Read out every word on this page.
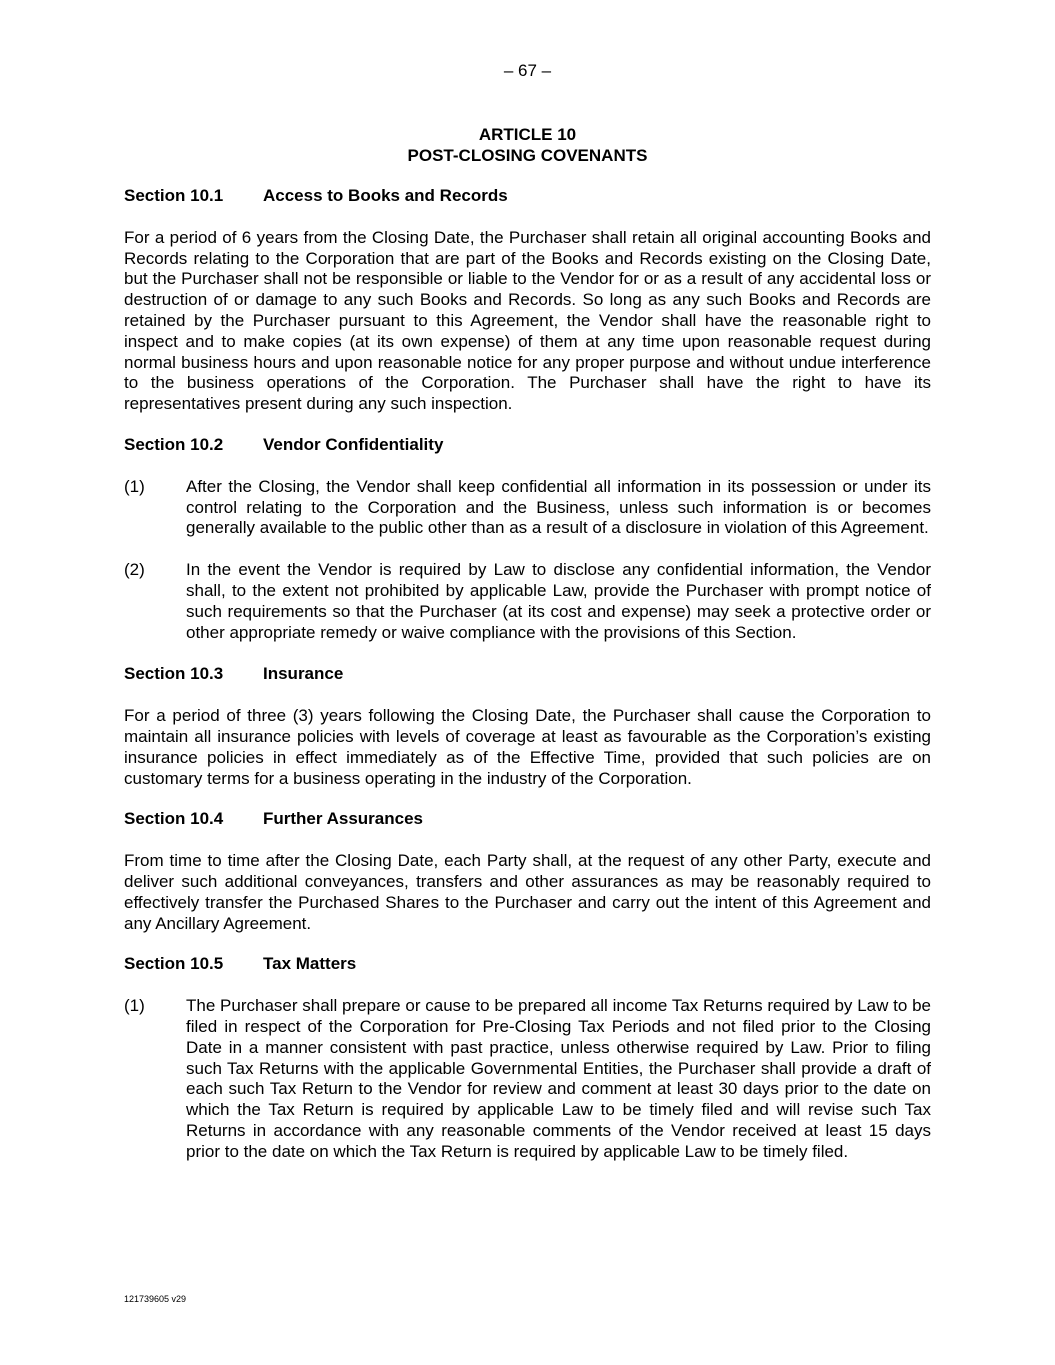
– 67 –
ARTICLE 10
POST-CLOSING COVENANTS
Section 10.1	Access to Books and Records
For a period of 6 years from the Closing Date, the Purchaser shall retain all original accounting Books and Records relating to the Corporation that are part of the Books and Records existing on the Closing Date, but the Purchaser shall not be responsible or liable to the Vendor for or as a result of any accidental loss or destruction of or damage to any such Books and Records. So long as any such Books and Records are retained by the Purchaser pursuant to this Agreement, the Vendor shall have the reasonable right to inspect and to make copies (at its own expense) of them at any time upon reasonable request during normal business hours and upon reasonable notice for any proper purpose and without undue interference to the business operations of the Corporation. The Purchaser shall have the right to have its representatives present during any such inspection.
Section 10.2	Vendor Confidentiality
(1)	After the Closing, the Vendor shall keep confidential all information in its possession or under its control relating to the Corporation and the Business, unless such information is or becomes generally available to the public other than as a result of a disclosure in violation of this Agreement.
(2)	In the event the Vendor is required by Law to disclose any confidential information, the Vendor shall, to the extent not prohibited by applicable Law, provide the Purchaser with prompt notice of such requirements so that the Purchaser (at its cost and expense) may seek a protective order or other appropriate remedy or waive compliance with the provisions of this Section.
Section 10.3	Insurance
For a period of three (3) years following the Closing Date, the Purchaser shall cause the Corporation to maintain all insurance policies with levels of coverage at least as favourable as the Corporation’s existing insurance policies in effect immediately as of the Effective Time, provided that such policies are on customary terms for a business operating in the industry of the Corporation.
Section 10.4	Further Assurances
From time to time after the Closing Date, each Party shall, at the request of any other Party, execute and deliver such additional conveyances, transfers and other assurances as may be reasonably required to effectively transfer the Purchased Shares to the Purchaser and carry out the intent of this Agreement and any Ancillary Agreement.
Section 10.5	Tax Matters
(1)	The Purchaser shall prepare or cause to be prepared all income Tax Returns required by Law to be filed in respect of the Corporation for Pre-Closing Tax Periods and not filed prior to the Closing Date in a manner consistent with past practice, unless otherwise required by Law. Prior to filing such Tax Returns with the applicable Governmental Entities, the Purchaser shall provide a draft of each such Tax Return to the Vendor for review and comment at least 30 days prior to the date on which the Tax Return is required by applicable Law to be timely filed and will revise such Tax Returns in accordance with any reasonable comments of the Vendor received at least 15 days prior to the date on which the Tax Return is required by applicable Law to be timely filed.
121739605 v29
